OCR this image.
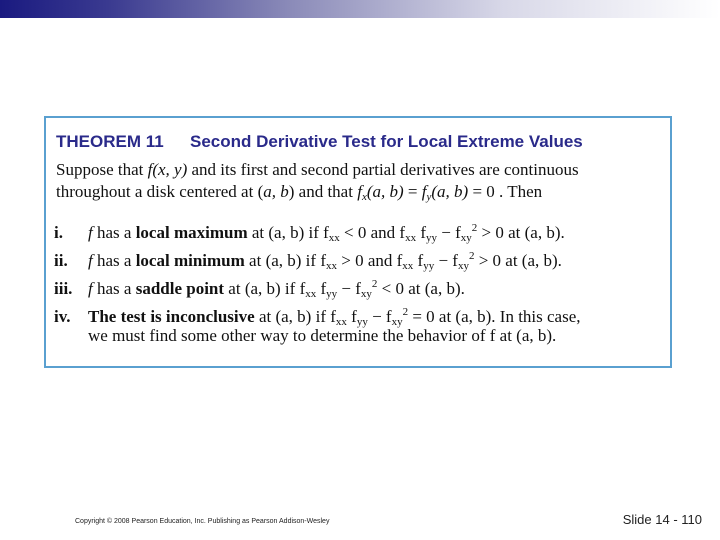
THEOREM 11 Second Derivative Test for Local Extreme Values
Suppose that f(x, y) and its first and second partial derivatives are continuous
throughout a disk centered at (a, b) and that $f_x(a$, $b) = f_y(a$, b) = 0 . Then
i. f has a local maximum at (a, b) if $f_{xx} < 0$ and $f_{xx}$ $f_{yy} - f_{xy}^2 > 0$ at (a, b).
ii. f has a local minimum at (a, b) if $f_{xx} > 0$ and $f_{xx}$ $f_{yy} - f_{xy}^2 > 0$ at (a, b).
iii. f has a saddle point at (a, b) if $f_{xx}$ $f_{yy} - f_{xy}^2 < 0$ at (a, b).
iv. The test is inconclusive at (a, b) if $f_{xx}$ $f_{yy} - f_{xy}^2 = 0$ at (a, b). In this case,
we must find some other way to determine the behavior of f at (a, b).
Copyright © 2008 Pearson Education, Inc. Publishing as Pearson Addison-Wesley	Slide 14 - 110
